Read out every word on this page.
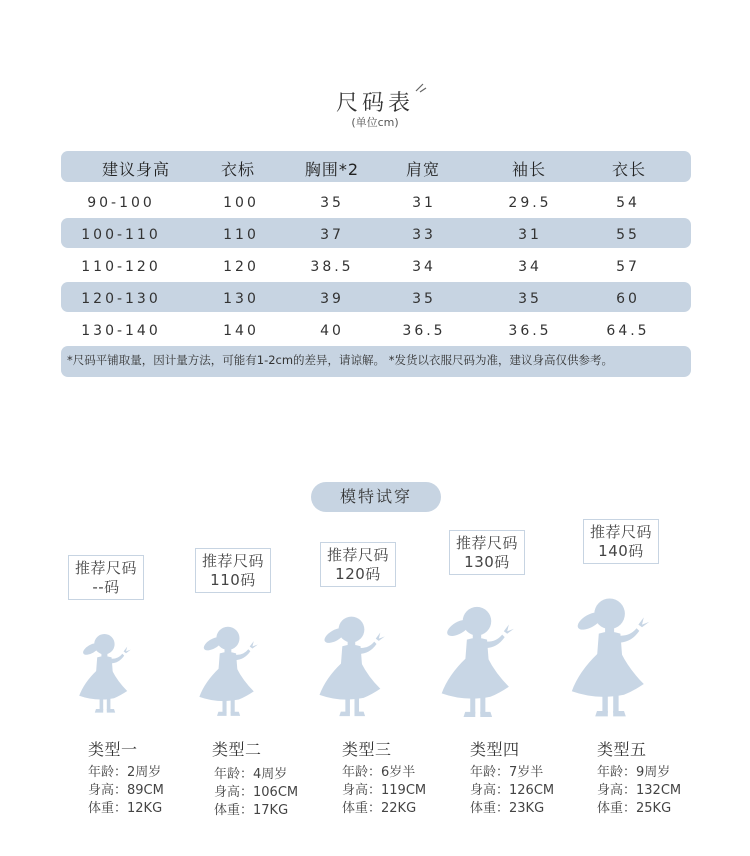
尺码表
(单位cm)
建议身高	衣标	胸围*2	肩宽	袖长	衣长
90-100	100	35	31	29.5	54
100-110	110	37	33	31	55
110-120	120	38.5	34	34	57
120-130	130	39	35	35	60
130-140	140	40	36.5	36.5	64.5
*尺码平铺取量，因计量方法，可能有1-2cm的差异，请谅解。 *发货以衣服尺码为准，建议身高仅供参考。
模特试穿
推荐尺码
--码
类型一
年龄：2周岁
身高：89CM
体重：12KG
推荐尺码
110码
类型二
年龄：4周岁
身高：106CM
体重：17KG
推荐尺码
120码
类型三
年龄：6岁半
身高：119CM
体重：22KG
推荐尺码
130码
类型四
年龄：7岁半
身高：126CM
体重：23KG
推荐尺码
140码
类型五
年龄：9周岁
身高：132CM
体重：25KG
